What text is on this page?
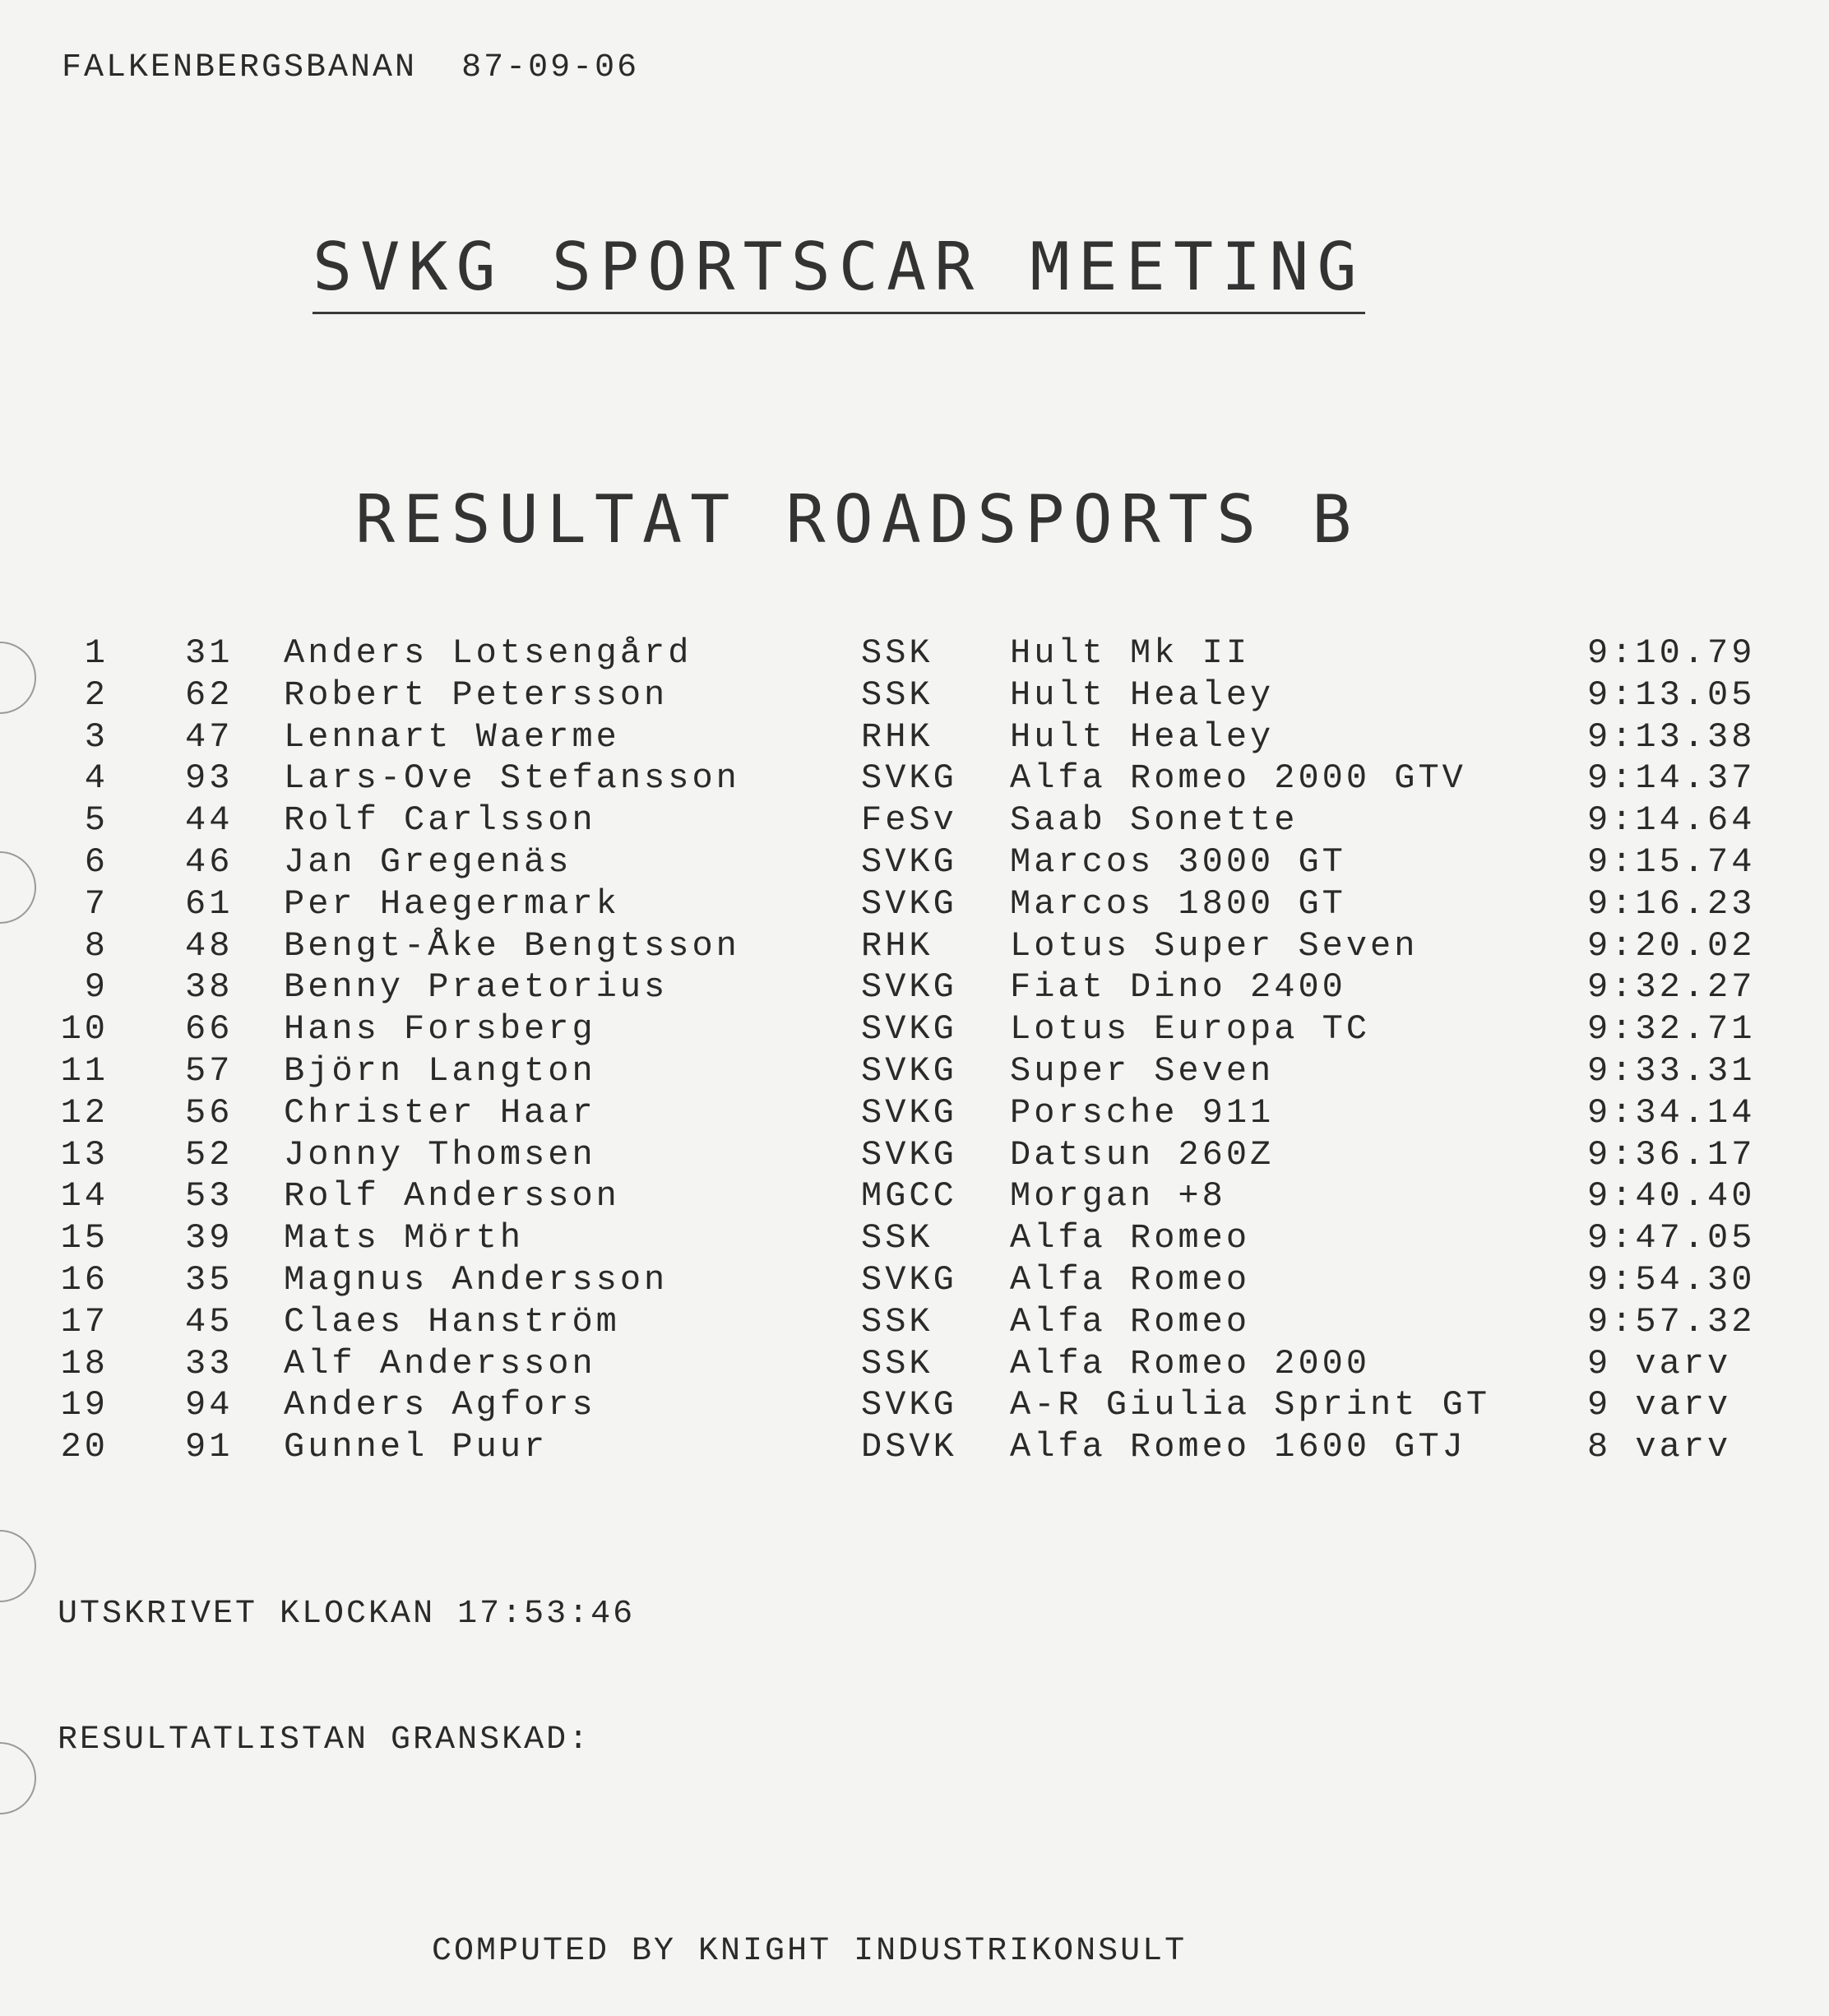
FALKENBERGSBANAN 87-09-06
SVKG SPORTSCAR MEETING
RESULTAT ROADSPORTS B
1 31 Anders Lotsengård	SSK Hult Mk II	9:10.79
2 62 Robert Petersson	SSK Hult Healey	9:13.05
3 47 Lennart Waerme	RHK Hult Healey	9:13.38
4 93 Lars-Ove Stefansson	SVKG Alfa Romeo 2000 GTV	9:14.37
5 44 Rolf Carlsson	FeSv Saab Sonette	9:14.64
6 46 Jan Gregenäs	SVKG Marcos 3000 GT	9:15.74
7 61 Per Haegermark	SVKG Marcos 1800 GT	9:16.23
8 48 Bengt-Åke Bengtsson	RHK Lotus Super Seven	9:20.02
9 38 Benny Praetorius	SVKG Fiat Dino 2400	9:32.27
10 66 Hans Forsberg	SVKG Lotus Europa TC	9:32.71
11 57 Björn Langton	SVKG Super Seven	9:33.31
12 56 Christer Haar	SVKG Porsche 911	9:34.14
13 52 Jonny Thomsen	SVKG Datsun 260Z	9:36.17
14 53 Rolf Andersson	MGCC Morgan +8	9:40.40
15 39 Mats Mörth	SSK Alfa Romeo	9:47.05
16 35 Magnus Andersson	SVKG Alfa Romeo	9:54.30
17 45 Claes Hanström	SSK Alfa Romeo	9:57.32
18 33 Alf Andersson	SSK Alfa Romeo 2000	9 varv
19 94 Anders Agfors	SVKG A-R Giulia Sprint GT	9 varv
20 91 Gunnel Puur	DSVK Alfa Romeo 1600 GTJ	8 varv
UTSKRIVET KLOCKAN 17:53:46
RESULTATLISTAN GRANSKAD:
COMPUTED BY KNIGHT INDUSTRIKONSULT
